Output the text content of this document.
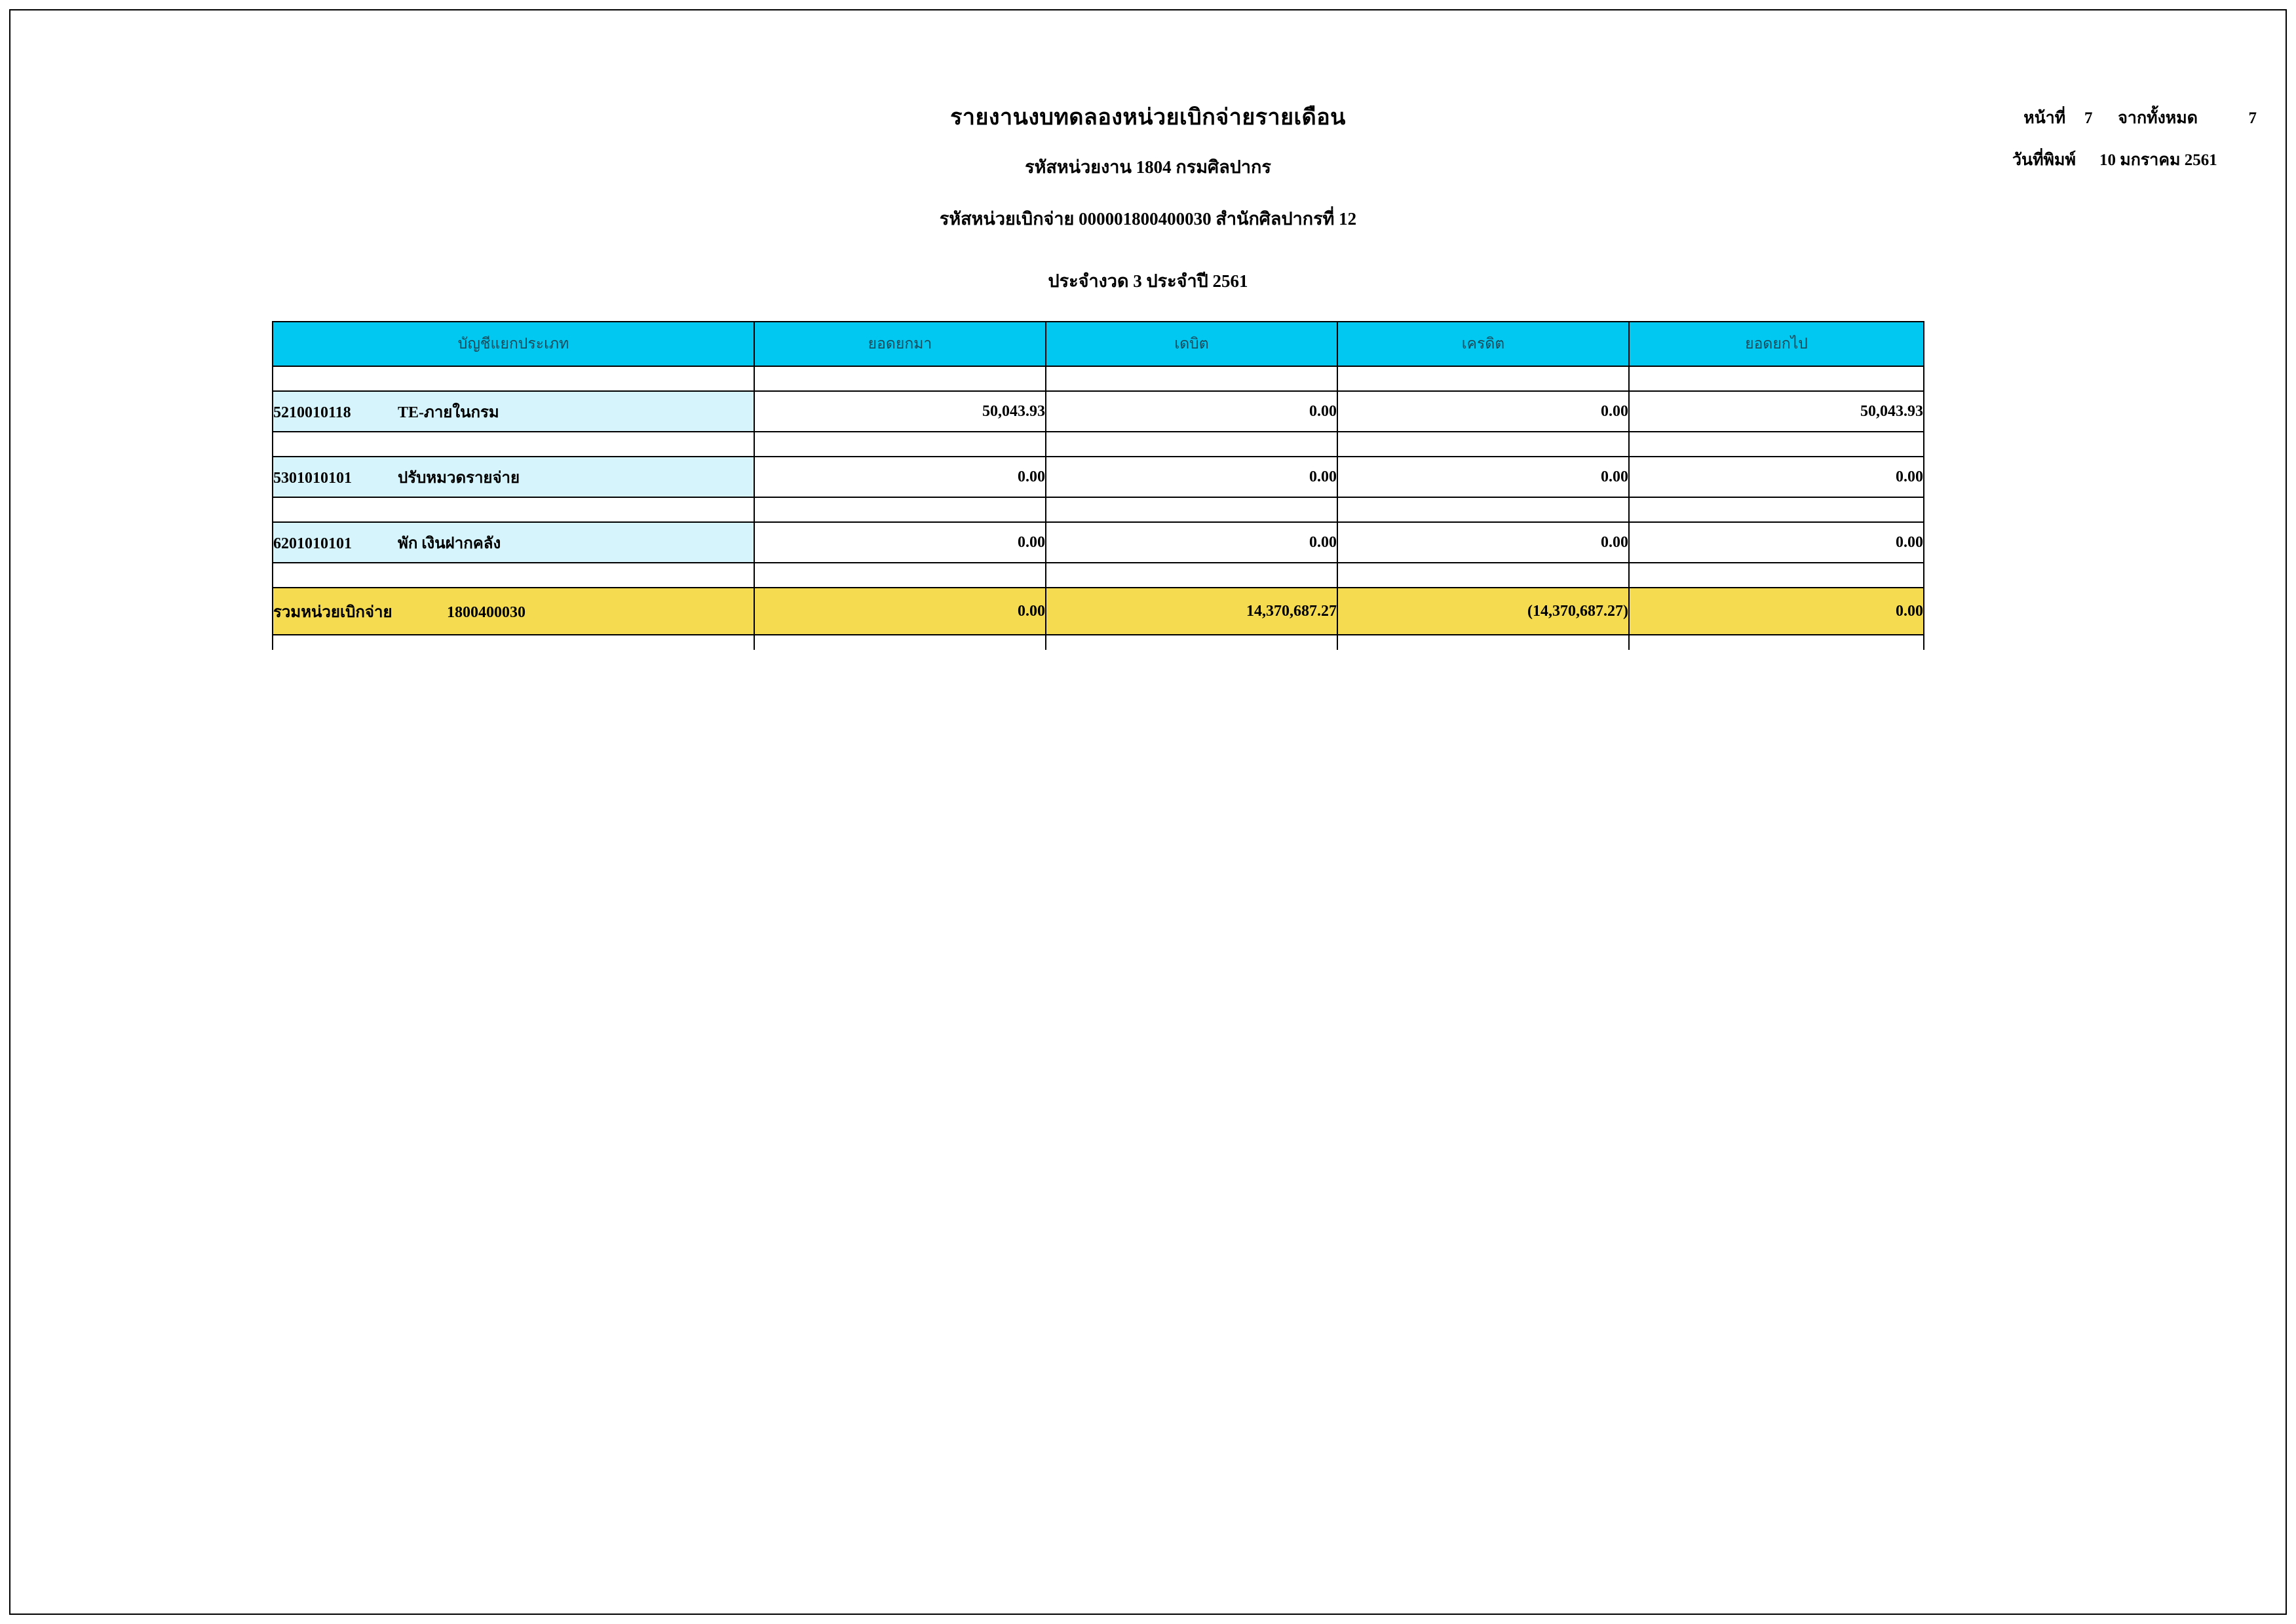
รายงานงบทดลองหน่วยเบิกจ่ายรายเดือน
รหัสหน่วยงาน 1804 กรมศิลปากร
รหัสหน่วยเบิกจ่าย 000001800400030 สำนักศิลปากรที่ 12
ประจำงวด 3 ประจำปี 2561
หน้าที่	7	จากทั้งหมด	7
วันที่พิมพ์ 10 มกราคม 2561
บัญชีแยกประเภท	ยอดยกมา	เดบิต	เครดิต	ยอดยกไป

5210010118 TE-ภายในกรม	50,043.93	0.00	0.00	50,043.93

5301010101 ปรับหมวดรายจ่าย	0.00	0.00	0.00	0.00

6201010101 พัก เงินฝากคลัง	0.00	0.00	0.00	0.00

รวมหน่วยเบิกจ่าย 1800400030	0.00	14,370,687.27	(14,370,687.27)	0.00
